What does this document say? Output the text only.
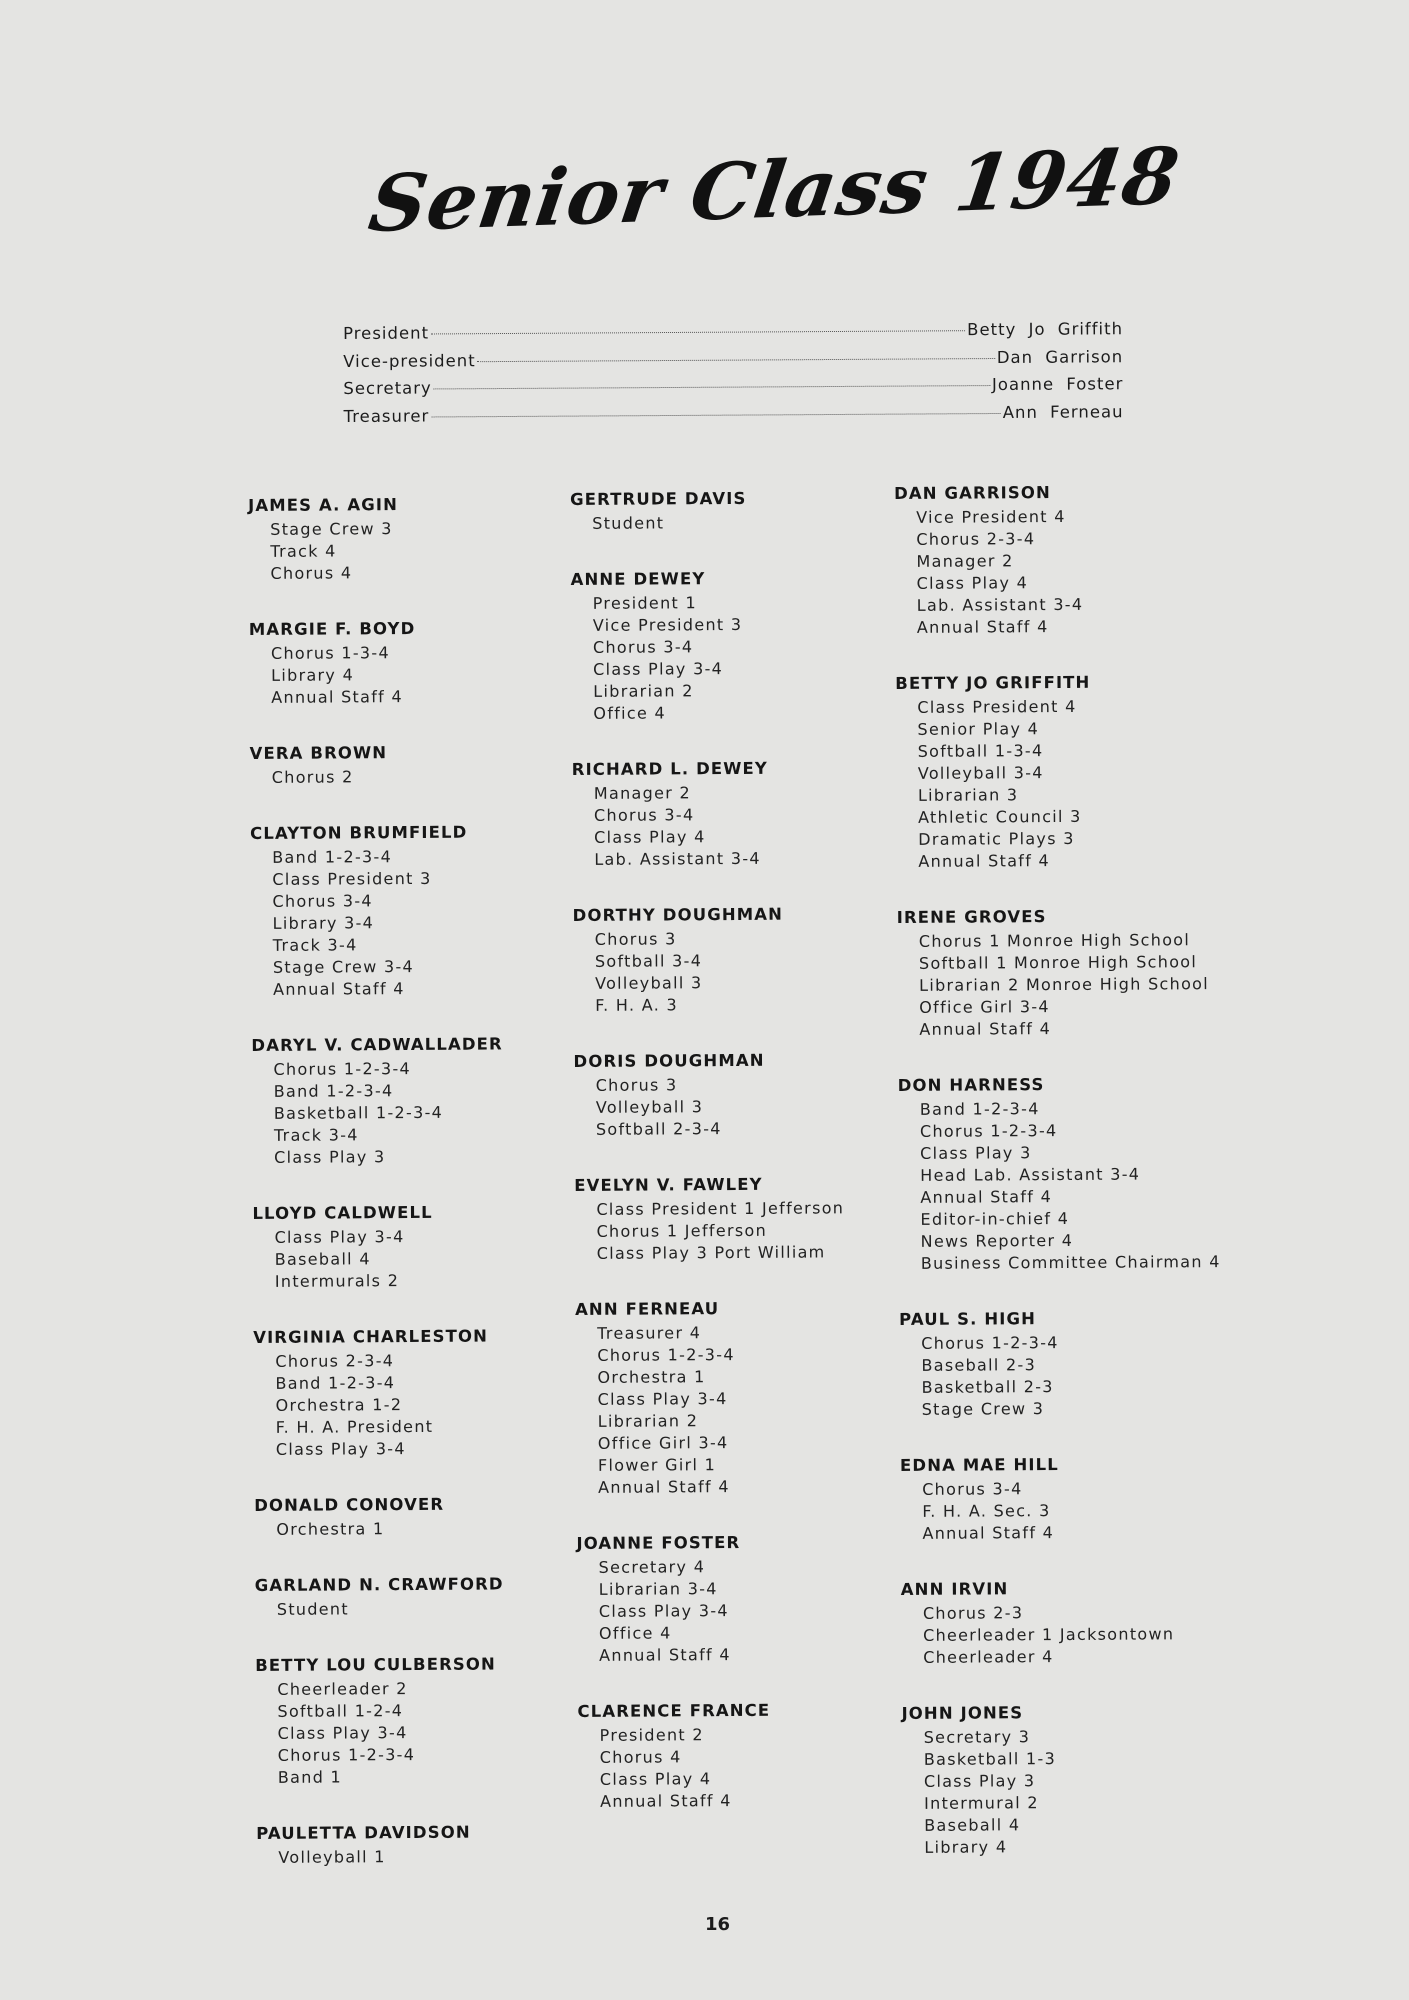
Senior Class 1948
President	Betty Jo Griffith
Vice-president	Dan Garrison
Secretary	Joanne Foster
Treasurer	Ann Ferneau
JAMES A. AGIN
Stage Crew 3
Track 4
Chorus 4
MARGIE F. BOYD
Chorus 1-3-4
Library 4
Annual Staff 4
VERA BROWN
Chorus 2
CLAYTON BRUMFIELD
Band 1-2-3-4
Class President 3
Chorus 3-4
Library 3-4
Track 3-4
Stage Crew 3-4
Annual Staff 4
DARYL V. CADWALLADER
Chorus 1-2-3-4
Band 1-2-3-4
Basketball 1-2-3-4
Track 3-4
Class Play 3
LLOYD CALDWELL
Class Play 3-4
Baseball 4
Intermurals 2
VIRGINIA CHARLESTON
Chorus 2-3-4
Band 1-2-3-4
Orchestra 1-2
F. H. A. President
Class Play 3-4
DONALD CONOVER
Orchestra 1
GARLAND N. CRAWFORD
Student
BETTY LOU CULBERSON
Cheerleader 2
Softball 1-2-4
Class Play 3-4
Chorus 1-2-3-4
Band 1
PAULETTA DAVIDSON
Volleyball 1
GERTRUDE DAVIS
Student
ANNE DEWEY
President 1
Vice President 3
Chorus 3-4
Class Play 3-4
Librarian 2
Office 4
RICHARD L. DEWEY
Manager 2
Chorus 3-4
Class Play 4
Lab. Assistant 3-4
DORTHY DOUGHMAN
Chorus 3
Softball 3-4
Volleyball 3
F. H. A. 3
DORIS DOUGHMAN
Chorus 3
Volleyball 3
Softball 2-3-4
EVELYN V. FAWLEY
Class President 1 Jefferson
Chorus 1 Jefferson
Class Play 3 Port William
ANN FERNEAU
Treasurer 4
Chorus 1-2-3-4
Orchestra 1
Class Play 3-4
Librarian 2
Office Girl 3-4
Flower Girl 1
Annual Staff 4
JOANNE FOSTER
Secretary 4
Librarian 3-4
Class Play 3-4
Office 4
Annual Staff 4
CLARENCE FRANCE
President 2
Chorus 4
Class Play 4
Annual Staff 4
DAN GARRISON
Vice President 4
Chorus 2-3-4
Manager 2
Class Play 4
Lab. Assistant 3-4
Annual Staff 4
BETTY JO GRIFFITH
Class President 4
Senior Play 4
Softball 1-3-4
Volleyball 3-4
Librarian 3
Athletic Council 3
Dramatic Plays 3
Annual Staff 4
IRENE GROVES
Chorus 1 Monroe High School
Softball 1 Monroe High School
Librarian 2 Monroe High School
Office Girl 3-4
Annual Staff 4
DON HARNESS
Band 1-2-3-4
Chorus 1-2-3-4
Class Play 3
Head Lab. Assistant 3-4
Annual Staff 4
Editor-in-chief 4
News Reporter 4
Business Committee Chairman 4
PAUL S. HIGH
Chorus 1-2-3-4
Baseball 2-3
Basketball 2-3
Stage Crew 3
EDNA MAE HILL
Chorus 3-4
F. H. A. Sec. 3
Annual Staff 4
ANN IRVIN
Chorus 2-3
Cheerleader 1 Jacksontown
Cheerleader 4
JOHN JONES
Secretary 3
Basketball 1-3
Class Play 3
Intermural 2
Baseball 4
Library 4
16
